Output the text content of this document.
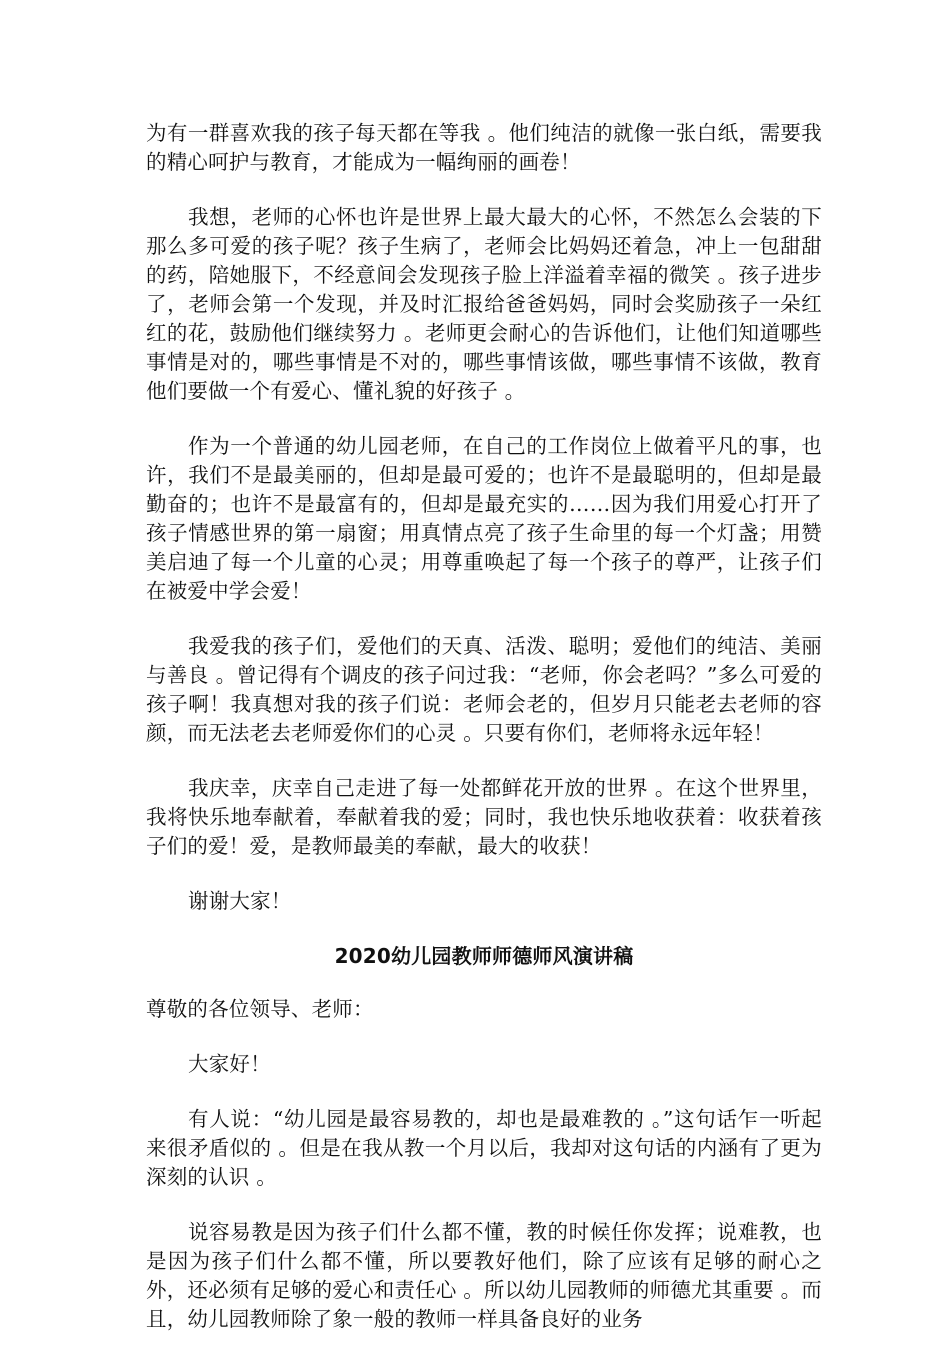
为有一群喜欢我的孩子每天都在等我 。他们纯洁的就像一张白纸，需要我的精心呵护与教育，才能成为一幅绚丽的画卷！

我想，老师的心怀也许是世界上最大最大的心怀，不然怎么会装的下那么多可爱的孩子呢？孩子生病了，老师会比妈妈还着急，冲上一包甜甜的药，陪她服下，不经意间会发现孩子脸上洋溢着幸福的微笑 。孩子进步了，老师会第一个发现，并及时汇报给爸爸妈妈，同时会奖励孩子一朵红红的花，鼓励他们继续努力 。老师更会耐心的告诉他们，让他们知道哪些事情是对的，哪些事情是不对的，哪些事情该做，哪些事情不该做，教育他们要做一个有爱心、懂礼貌的好孩子 。

作为一个普通的幼儿园老师，在自己的工作岗位上做着平凡的事，也许，我们不是最美丽的，但却是最可爱的；也许不是最聪明的，但却是最勤奋的；也许不是最富有的，但却是最充实的……因为我们用爱心打开了孩子情感世界的第一扇窗；用真情点亮了孩子生命里的每一个灯盏；用赞美启迪了每一个儿童的心灵；用尊重唤起了每一个孩子的尊严，让孩子们在被爱中学会爱！

我爱我的孩子们，爱他们的天真、活泼、聪明；爱他们的纯洁、美丽与善良 。曾记得有个调皮的孩子问过我：“老师，你会老吗？”多么可爱的孩子啊！我真想对我的孩子们说：老师会老的，但岁月只能老去老师的容颜，而无法老去老师爱你们的心灵 。只要有你们，老师将永远年轻！

我庆幸，庆幸自己走进了每一处都鲜花开放的世界 。在这个世界里，我将快乐地奉献着，奉献着我的爱；同时，我也快乐地收获着：收获着孩子们的爱！爱，是教师最美的奉献，最大的收获！

谢谢大家！

2020幼儿园教师师德师风演讲稿

尊敬的各位领导、老师：

大家好！

有人说：“幼儿园是最容易教的，却也是最难教的 。”这句话乍一听起来很矛盾似的 。但是在我从教一个月以后，我却对这句话的内涵有了更为深刻的认识 。

说容易教是因为孩子们什么都不懂，教的时候任你发挥；说难教，也是因为孩子们什么都不懂，所以要教好他们，除了应该有足够的耐心之外，还必须有足够的爱心和责任心 。所以幼儿园教师的师德尤其重要 。而且，幼儿园教师除了象一般的教师一样具备良好的业务
